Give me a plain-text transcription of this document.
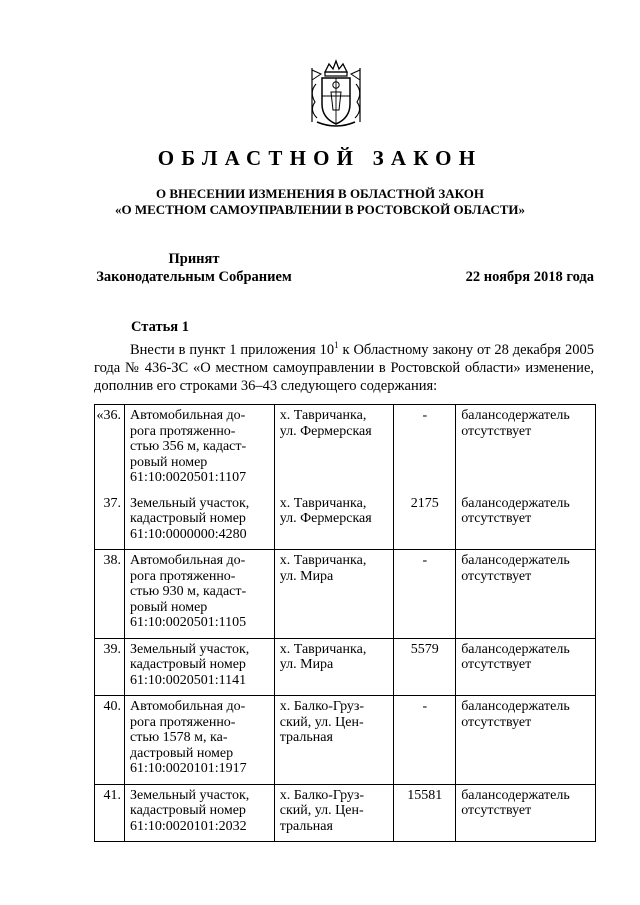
ОБЛАСТНОЙ ЗАКОН
О ВНЕСЕНИИ ИЗМЕНЕНИЯ В ОБЛАСТНОЙ ЗАКОН
«О МЕСТНОМ САМОУПРАВЛЕНИИ В РОСТОВСКОЙ ОБЛАСТИ»
Принят
Законодательным Собранием	22 ноября 2018 года
Статья 1
Внести в пункт 1 приложения $10^1$ к Областному закону от 28 декабря 2005 года № 436-ЗС «О местном самоуправлении в Ростовской области» изменение, дополнив его строками 36–43 следующего содержания:
«36.	Автомобильная до-
рога протяженно-
стью 356 м, кадаст-
ровый номер
61:10:0020501:1107	х. Тавричанка,
ул. Фермерская	-	балансодержатель
отсутствует

37.	Земельный участок,
кадастровый номер
61:10:0000000:4280	х. Тавричанка,
ул. Фермерская	2175	балансодержатель
отсутствует

38.	Автомобильная до-
рога протяженно-
стью 930 м, кадаст-
ровый номер
61:10:0020501:1105	х. Тавричанка,
ул. Мира	-	балансодержатель
отсутствует

39.	Земельный участок,
кадастровый номер
61:10:0020501:1141	х. Тавричанка,
ул. Мира	5579	балансодержатель
отсутствует

40.	Автомобильная до-
рога протяженно-
стью 1578 м, ка-
дастровый номер
61:10:0020101:1917	х. Балко-Груз-
ский, ул. Цен-
тральная	-	балансодержатель
отсутствует

41.	Земельный участок,
кадастровый номер
61:10:0020101:2032	х. Балко-Груз-
ский, ул. Цен-
тральная	15581	балансодержатель
отсутствует
